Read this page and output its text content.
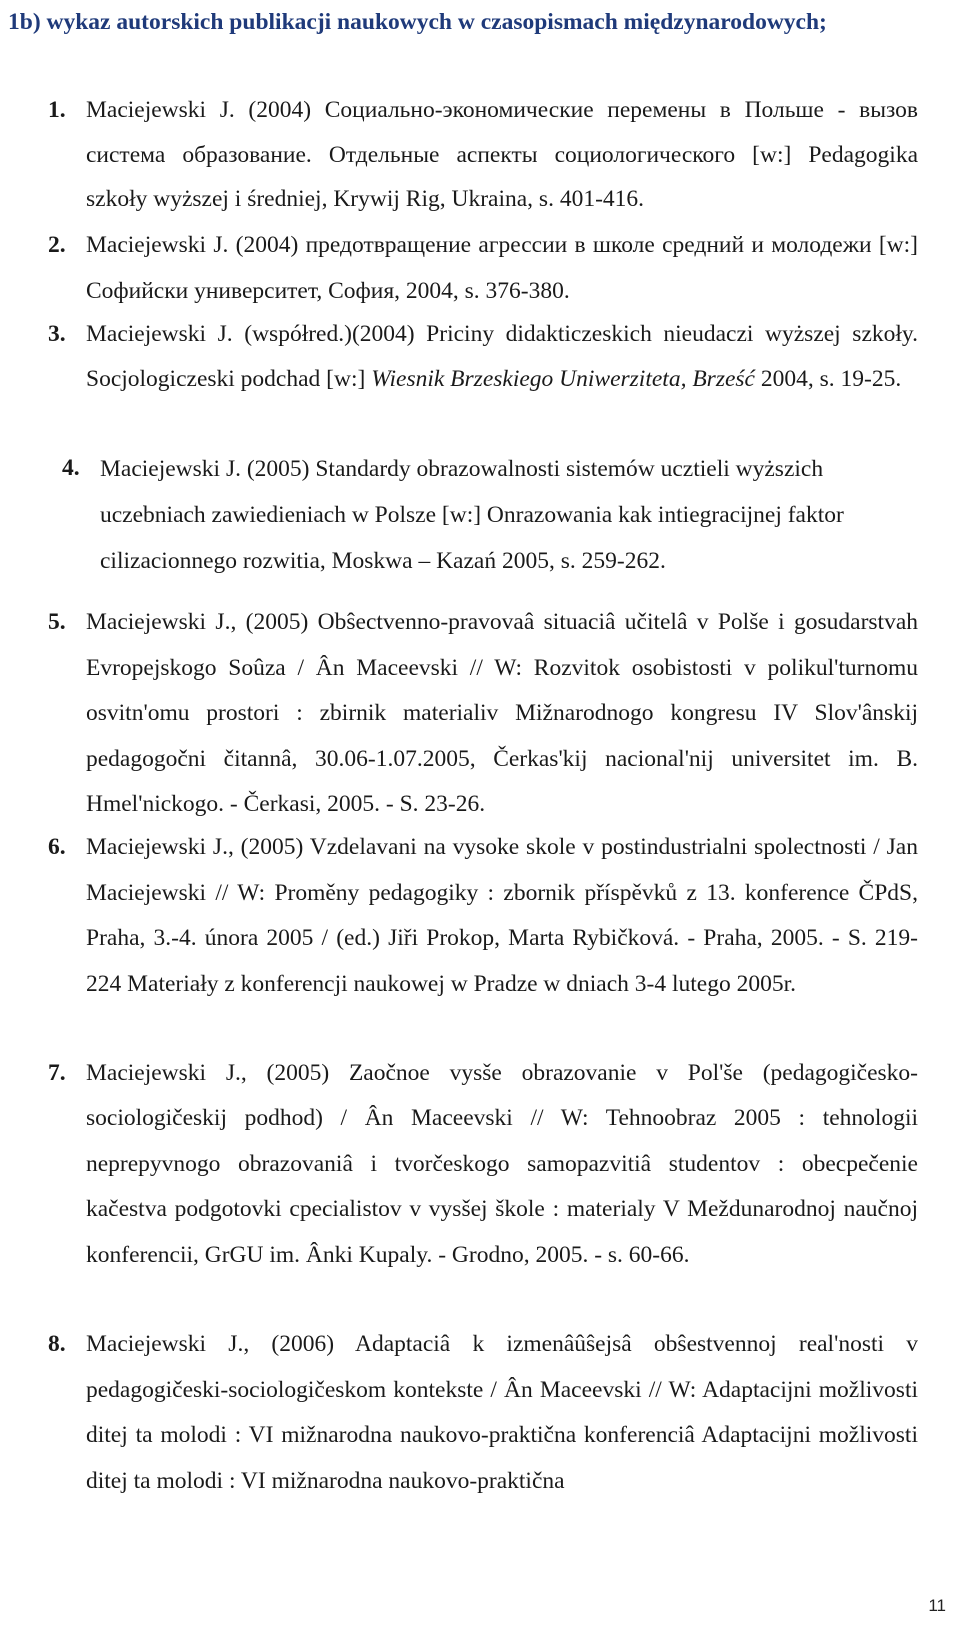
1b) wykaz autorskich publikacji naukowych w czasopismach międzynarodowych;
1. Maciejewski J. (2004) Социально-экономические перемены в Польше - вызов система образование. Отдельные аспекты социологического [w:] Pedagogika szkoły wyższej i średniej, Krywij Rig, Ukraina, s. 401-416.
2. Maciejewski J. (2004) предотвращение агрессии в школе средний и молодежи [w:] Софийски университет, София, 2004, s. 376-380.
3. Maciejewski J. (współred.)(2004) Priciny didakticzeskich nieudaczi wyższej szkoły. Socjologiczeski podchad [w:] Wiesnik Brzeskiego Uniwerziteta, Brześć 2004, s. 19-25.
4. Maciejewski J. (2005) Standardy obrazowalnosti sistemów ucztieli wyższich uczebniach zawiedieniach w Polsze [w:] Onrazowania kak intiegracijnej faktor cilizacionnego rozwitia, Moskwa – Kazań 2005, s. 259-262.
5. Maciejewski J., (2005) Obŝectvenno-pravovaâ situaciâ učitelâ v Polše i gosudarstvah Evropejskogo Soûza / Ân Maceevski // W: Rozvitok osobistosti v polikul'turnomu osvitn'omu prostori : zbirnik materialiv Mižnarodnogo kongresu IV Slov'ânskij pedagogočni čitannâ, 30.06-1.07.2005, Čerkas'kij nacional'nij universitet im. B. Hmel'nickogo. - Čerkasi, 2005. - S. 23-26.
6. Maciejewski J., (2005) Vzdelavani na vysoke skole v postindustrialni spolectnosti / Jan Maciejewski // W: Proměny pedagogiky : zbornik příspěvků z 13. konference ČPdS, Praha, 3.-4. února 2005 / (ed.) Jiři Prokop, Marta Rybičková. - Praha, 2005. - S. 219-224 Materiały z konferencji naukowej w Pradze w dniach 3-4 lutego 2005r.
7. Maciejewski J., (2005) Zaočnoe vysše obrazovanie v Pol'še (pedagogičesko-sociologičeskij podhod) / Ân Maceevski // W: Tehnoobraz 2005 : tehnologii neprepyvnogo obrazovaniâ i tvorčeskogo samopazvitiâ studentov : obecpečenie kačestva podgotovki cpecialistov v vysšej škole : materialy V Meždunarodnoj naučnoj konferencii, GrGU im. Ânki Kupaly. - Grodno, 2005. - s. 60-66.
8. Maciejewski J., (2006) Adaptaciâ k izmenâûŝejsâ obŝestvennoj real'nosti v pedagogičeski-sociologičeskom kontekste / Ân Maceevski // W: Adaptacijni možlivosti ditej ta molodi : VI mižnarodna naukovo-praktična konferenciâ Adaptacijni možlivosti ditej ta molodi : VI mižnarodna naukovo-praktična
11
